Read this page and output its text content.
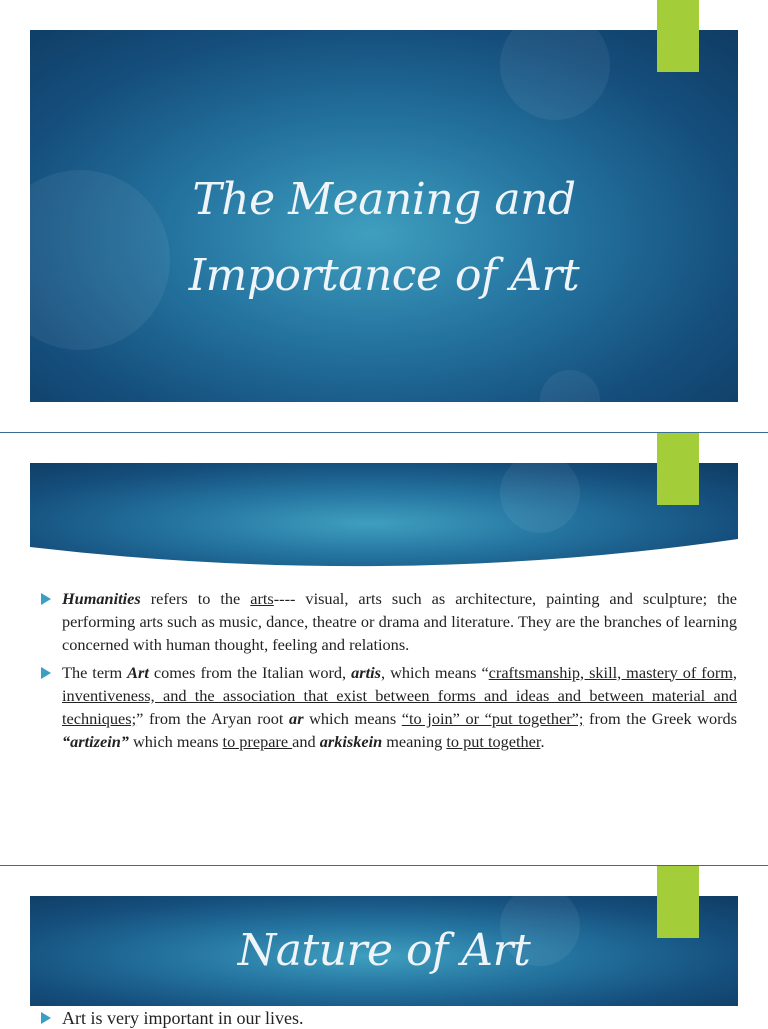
The Meaning and
Importance of Art
Humanities refers to the arts---- visual, arts such as architecture, painting and sculpture; the performing arts such as music, dance, theatre or drama and literature. They are the branches of learning concerned with human thought, feeling and relations.
The term Art comes from the Italian word, artis, which means “craftsmanship, skill, mastery of form, inventiveness, and the association that exist between forms and ideas and between material and techniques;” from the Aryan root ar which means “to join” or “put together”; from the Greek words “artizein” which means to prepare and arkiskein meaning to put together.
Nature of Art
Art is very important in our lives.
